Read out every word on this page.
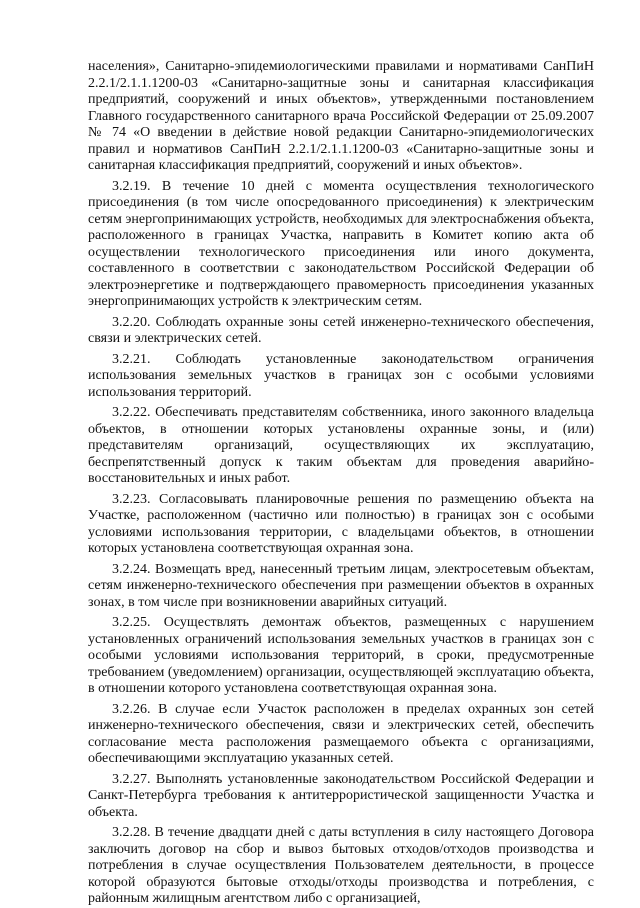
населения», Санитарно-эпидемиологическими правилами и нормативами СанПиН 2.2.1/2.1.1.1200-03 «Санитарно-защитные зоны и санитарная классификация предприятий, сооружений и иных объектов», утвержденными постановлением Главного государственного санитарного врача Российской Федерации от 25.09.2007 № 74 «О введении в действие новой редакции Санитарно-эпидемиологических правил и нормативов СанПиН 2.2.1/2.1.1.1200-03 «Санитарно-защитные зоны и санитарная классификация предприятий, сооружений и иных объектов».

3.2.19. В течение 10 дней с момента осуществления технологического присоединения (в том числе опосредованного присоединения) к электрическим сетям энергопринимающих устройств, необходимых для электроснабжения объекта, расположенного в границах Участка, направить в Комитет копию акта об осуществлении технологического присоединения или иного документа, составленного в соответствии с законодательством Российской Федерации об электроэнергетике и подтверждающего правомерность присоединения указанных энергопринимающих устройств к электрическим сетям.

3.2.20. Соблюдать охранные зоны сетей инженерно-технического обеспечения, связи и электрических сетей.

3.2.21. Соблюдать установленные законодательством ограничения использования земельных участков в границах зон с особыми условиями использования территорий.

3.2.22. Обеспечивать представителям собственника, иного законного владельца объектов, в отношении которых установлены охранные зоны, и (или) представителям организаций, осуществляющих их эксплуатацию, беспрепятственный допуск к таким объектам для проведения аварийно-восстановительных и иных работ.

3.2.23. Согласовывать планировочные решения по размещению объекта на Участке, расположенном (частично или полностью) в границах зон с особыми условиями использования территории, с владельцами объектов, в отношении которых установлена соответствующая охранная зона.

3.2.24. Возмещать вред, нанесенный третьим лицам, электросетевым объектам, сетям инженерно-технического обеспечения при размещении объектов в охранных зонах, в том числе при возникновении аварийных ситуаций.

3.2.25. Осуществлять демонтаж объектов, размещенных с нарушением установленных ограничений использования земельных участков в границах зон с особыми условиями использования территорий, в сроки, предусмотренные требованием (уведомлением) организации, осуществляющей эксплуатацию объекта, в отношении которого установлена соответствующая охранная зона.

3.2.26. В случае если Участок расположен в пределах охранных зон сетей инженерно-технического обеспечения, связи и электрических сетей, обеспечить согласование места расположения размещаемого объекта с организациями, обеспечивающими эксплуатацию указанных сетей.

3.2.27. Выполнять установленные законодательством Российской Федерации и Санкт-Петербурга требования к антитеррористической защищенности Участка и объекта.

3.2.28. В течение двадцати дней с даты вступления в силу настоящего Договора заключить договор на сбор и вывоз бытовых отходов/отходов производства и потребления в случае осуществления Пользователем деятельности, в процессе которой образуются бытовые отходы/отходы производства и потребления, с районным жилищным агентством либо с организацией,
